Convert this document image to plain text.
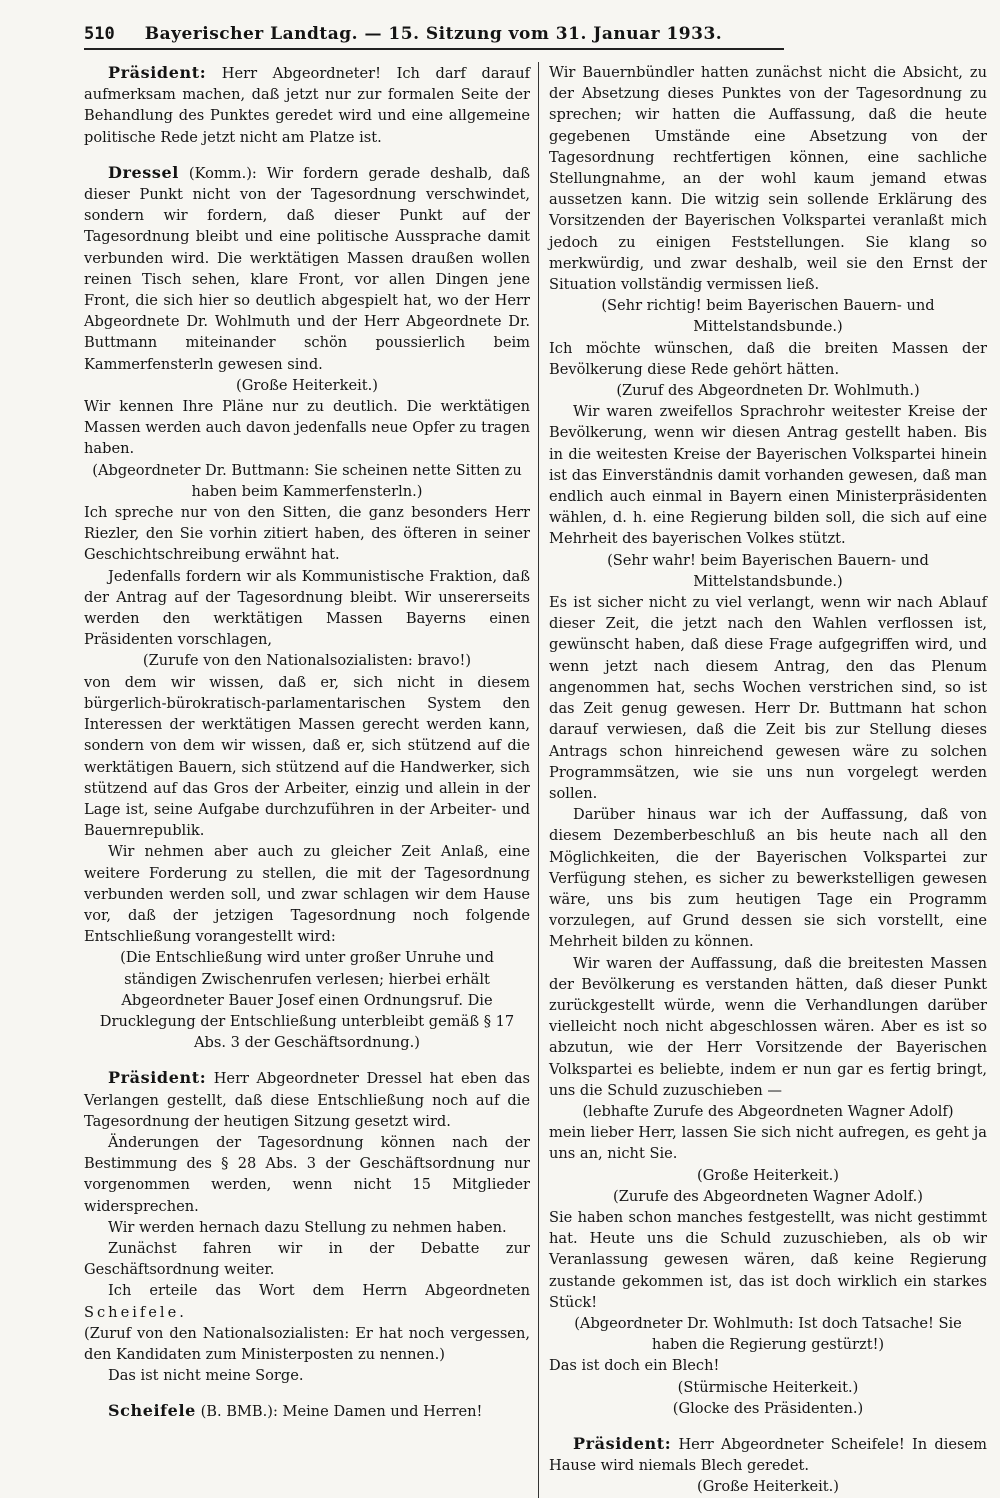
510 Bayerischer Landtag. — 15. Sitzung vom 31. Januar 1933.

Präsident: Herr Abgeordneter! Ich darf darauf aufmerksam machen, daß jetzt nur zur formalen Seite der Behandlung des Punktes geredet wird und eine allgemeine politische Rede jetzt nicht am Platze ist.

Dressel (Komm.): Wir fordern gerade deshalb, daß dieser Punkt nicht von der Tagesordnung verschwindet, sondern wir fordern, daß dieser Punkt auf der Tagesordnung bleibt und eine politische Aussprache damit verbunden wird. Die werktätigen Massen draußen wollen reinen Tisch sehen, klare Front, vor allen Dingen jene Front, die sich hier so deutlich abgespielt hat, wo der Herr Abgeordnete Dr. Wohlmuth und der Herr Abgeordnete Dr. Buttmann miteinander schön poussierlich beim Kammerfensterln gewesen sind.

(Große Heiterkeit.)

Wir kennen Ihre Pläne nur zu deutlich. Die werktätigen Massen werden auch davon jedenfalls neue Opfer zu tragen haben.

(Abgeordneter Dr. Buttmann: Sie scheinen nette Sitten zu haben beim Kammerfensterln.)

Ich spreche nur von den Sitten, die ganz besonders Herr Riezler, den Sie vorhin zitiert haben, des öfteren in seiner Geschichtschreibung erwähnt hat.

Jedenfalls fordern wir als Kommunistische Fraktion, daß der Antrag auf der Tagesordnung bleibt. Wir unsererseits werden den werktätigen Massen Bayerns einen Präsidenten vorschlagen,

(Zurufe von den Nationalsozialisten: bravo!)

von dem wir wissen, daß er, sich nicht in diesem bürgerlich-bürokratisch-parlamentarischen System den Interessen der werktätigen Massen gerecht werden kann, sondern von dem wir wissen, daß er, sich stützend auf die werktätigen Bauern, sich stützend auf die Handwerker, sich stützend auf das Gros der Arbeiter, einzig und allein in der Lage ist, seine Aufgabe durchzuführen in der Arbeiter- und Bauernrepublik.

Wir nehmen aber auch zu gleicher Zeit Anlaß, eine weitere Forderung zu stellen, die mit der Tagesordnung verbunden werden soll, und zwar schlagen wir dem Hause vor, daß der jetzigen Tagesordnung noch folgende Entschließung vorangestellt wird:

(Die Entschließung wird unter großer Unruhe und ständigen Zwischenrufen verlesen; hierbei erhält Abgeordneter Bauer Josef einen Ordnungsruf. Die Drucklegung der Entschließung unterbleibt gemäß § 17 Abs. 3 der Geschäftsordnung.)

Präsident: Herr Abgeordneter Dressel hat eben das Verlangen gestellt, daß diese Entschließung noch auf die Tagesordnung der heutigen Sitzung gesetzt wird.

Änderungen der Tagesordnung können nach der Bestimmung des § 28 Abs. 3 der Geschäftsordnung nur vorgenommen werden, wenn nicht 15 Mitglieder widersprechen.

Wir werden hernach dazu Stellung zu nehmen haben.

Zunächst fahren wir in der Debatte zur Geschäftsordnung weiter.

Ich erteile das Wort dem Herrn Abgeordneten Scheifele.

(Zuruf von den Nationalsozialisten: Er hat noch vergessen, den Kandidaten zum Ministerposten zu nennen.)

Das ist nicht meine Sorge.

Scheifele (B. BMB.): Meine Damen und Herren!

Wir Bauernbündler hatten zunächst nicht die Absicht, zu der Absetzung dieses Punktes von der Tagesordnung zu sprechen; wir hatten die Auffassung, daß die heute gegebenen Umstände eine Absetzung von der Tagesordnung rechtfertigen können, eine sachliche Stellungnahme, an der wohl kaum jemand etwas aussetzen kann. Die witzig sein sollende Erklärung des Vorsitzenden der Bayerischen Volkspartei veranlaßt mich jedoch zu einigen Feststellungen. Sie klang so merkwürdig, und zwar deshalb, weil sie den Ernst der Situation vollständig vermissen ließ.

(Sehr richtig! beim Bayerischen Bauern- und Mittelstandsbunde.)

Ich möchte wünschen, daß die breiten Massen der Bevölkerung diese Rede gehört hätten.

(Zuruf des Abgeordneten Dr. Wohlmuth.)

Wir waren zweifellos Sprachrohr weitester Kreise der Bevölkerung, wenn wir diesen Antrag gestellt haben. Bis in die weitesten Kreise der Bayerischen Volkspartei hinein ist das Einverständnis damit vorhanden gewesen, daß man endlich auch einmal in Bayern einen Ministerpräsidenten wählen, d. h. eine Regierung bilden soll, die sich auf eine Mehrheit des bayerischen Volkes stützt.

(Sehr wahr! beim Bayerischen Bauern- und Mittelstandsbunde.)

Es ist sicher nicht zu viel verlangt, wenn wir nach Ablauf dieser Zeit, die jetzt nach den Wahlen verflossen ist, gewünscht haben, daß diese Frage aufgegriffen wird, und wenn jetzt nach diesem Antrag, den das Plenum angenommen hat, sechs Wochen verstrichen sind, so ist das Zeit genug gewesen. Herr Dr. Buttmann hat schon darauf verwiesen, daß die Zeit bis zur Stellung dieses Antrags schon hinreichend gewesen wäre zu solchen Programmsätzen, wie sie uns nun vorgelegt werden sollen.

Darüber hinaus war ich der Auffassung, daß von diesem Dezemberbeschluß an bis heute nach all den Möglichkeiten, die der Bayerischen Volkspartei zur Verfügung stehen, es sicher zu bewerkstelligen gewesen wäre, uns bis zum heutigen Tage ein Programm vorzulegen, auf Grund dessen sie sich vorstellt, eine Mehrheit bilden zu können.

Wir waren der Auffassung, daß die breitesten Massen der Bevölkerung es verstanden hätten, daß dieser Punkt zurückgestellt würde, wenn die Verhandlungen darüber vielleicht noch nicht abgeschlossen wären. Aber es ist so abzutun, wie der Herr Vorsitzende der Bayerischen Volkspartei es beliebte, indem er nun gar es fertig bringt, uns die Schuld zuzuschieben —

(lebhafte Zurufe des Abgeordneten Wagner Adolf)

mein lieber Herr, lassen Sie sich nicht aufregen, es geht ja uns an, nicht Sie.

(Große Heiterkeit.)

(Zurufe des Abgeordneten Wagner Adolf.)

Sie haben schon manches festgestellt, was nicht gestimmt hat. Heute uns die Schuld zuzuschieben, als ob wir Veranlassung gewesen wären, daß keine Regierung zustande gekommen ist, das ist doch wirklich ein starkes Stück!

(Abgeordneter Dr. Wohlmuth: Ist doch Tatsache! Sie haben die Regierung gestürzt!)

Das ist doch ein Blech!

(Stürmische Heiterkeit.)

(Glocke des Präsidenten.)

Präsident: Herr Abgeordneter Scheifele! In diesem Hause wird niemals Blech geredet.

(Große Heiterkeit.)
